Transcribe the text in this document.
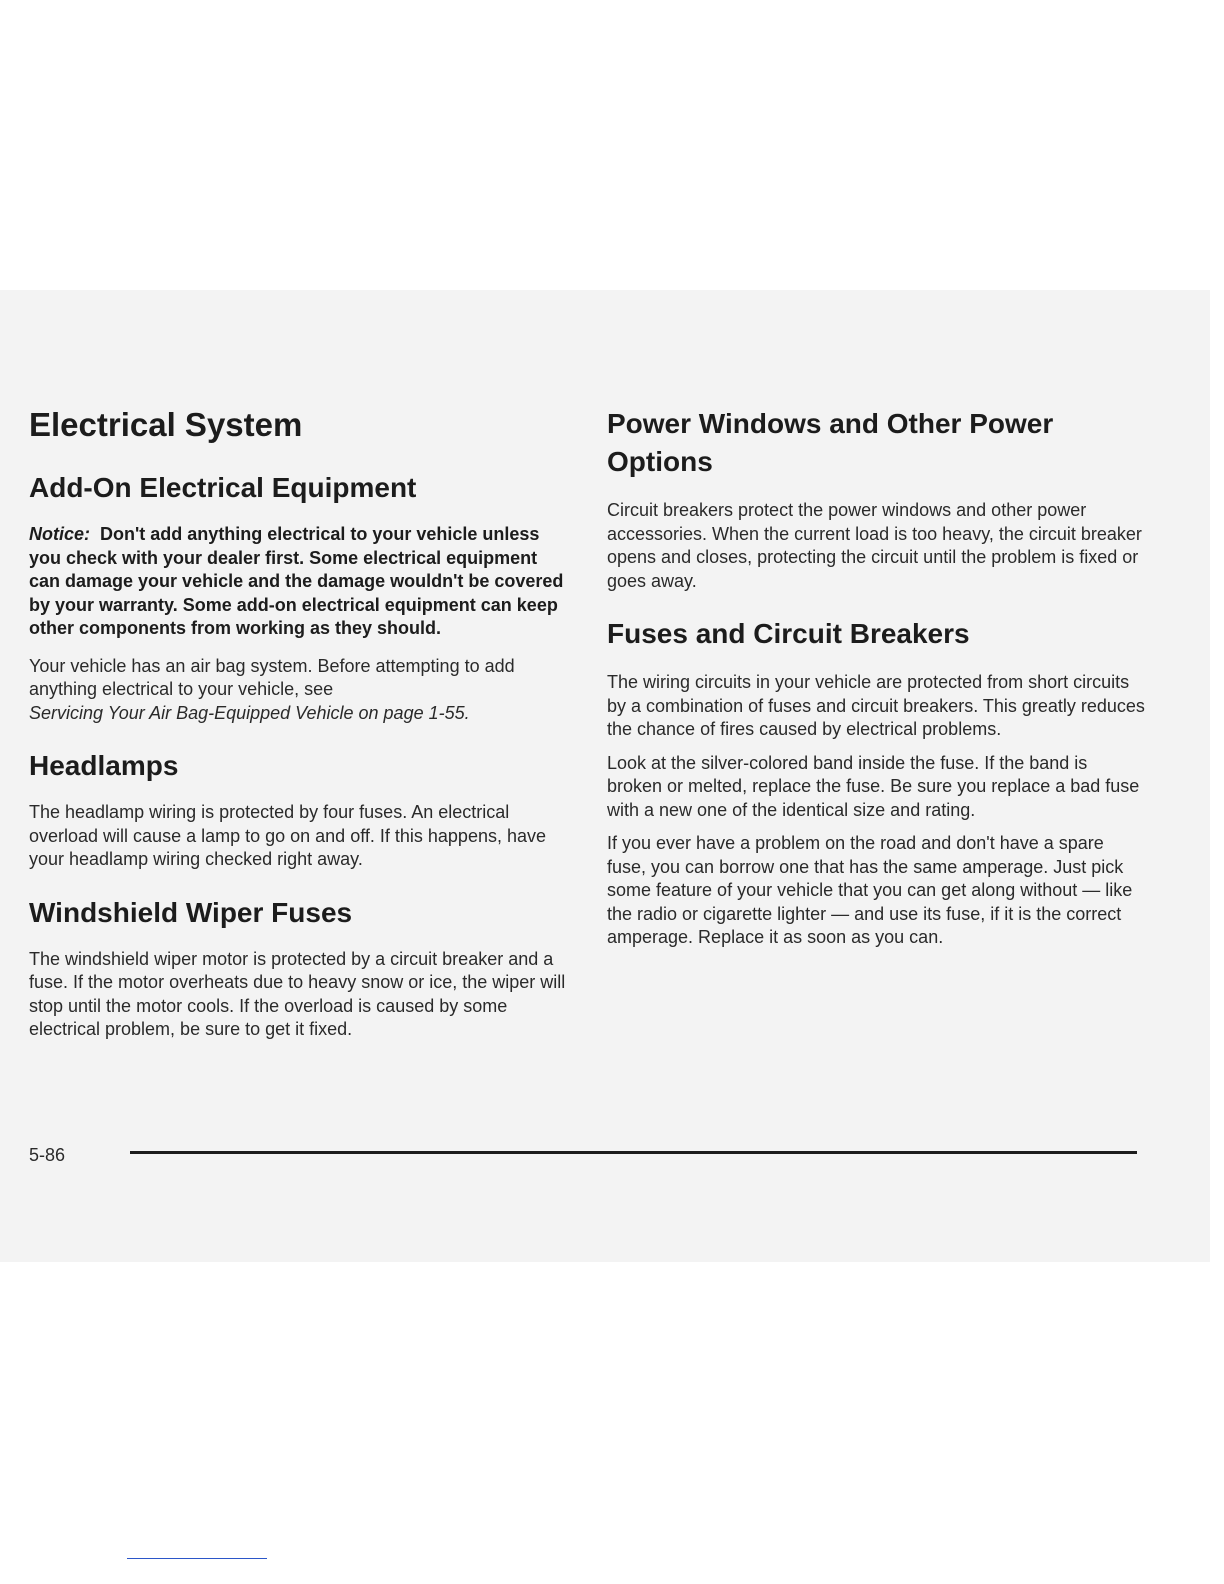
Electrical System
Add-On Electrical Equipment

Notice: Don't add anything electrical to your vehicle unless you check with your dealer first. Some electrical equipment can damage your vehicle and the damage wouldn't be covered by your warranty. Some add-on electrical equipment can keep other components from working as they should.

Your vehicle has an air bag system. Before attempting to add anything electrical to your vehicle, see
Servicing Your Air Bag-Equipped Vehicle on page 1-55.

Headlamps

The headlamp wiring is protected by four fuses. An electrical overload will cause a lamp to go on and off. If this happens, have your headlamp wiring checked right away.

Windshield Wiper Fuses

The windshield wiper motor is protected by a circuit breaker and a fuse. If the motor overheats due to heavy snow or ice, the wiper will stop until the motor cools. If the overload is caused by some electrical problem, be sure to get it fixed.

Power Windows and Other Power Options

Circuit breakers protect the power windows and other power accessories. When the current load is too heavy, the circuit breaker opens and closes, protecting the circuit until the problem is fixed or goes away.

Fuses and Circuit Breakers

The wiring circuits in your vehicle are protected from short circuits by a combination of fuses and circuit breakers. This greatly reduces the chance of fires caused by electrical problems.

Look at the silver-colored band inside the fuse. If the band is broken or melted, replace the fuse. Be sure you replace a bad fuse with a new one of the identical size and rating.

If you ever have a problem on the road and don't have a spare fuse, you can borrow one that has the same amperage. Just pick some feature of your vehicle that you can get along without — like the radio or cigarette lighter — and use its fuse, if it is the correct amperage. Replace it as soon as you can.

5-86
